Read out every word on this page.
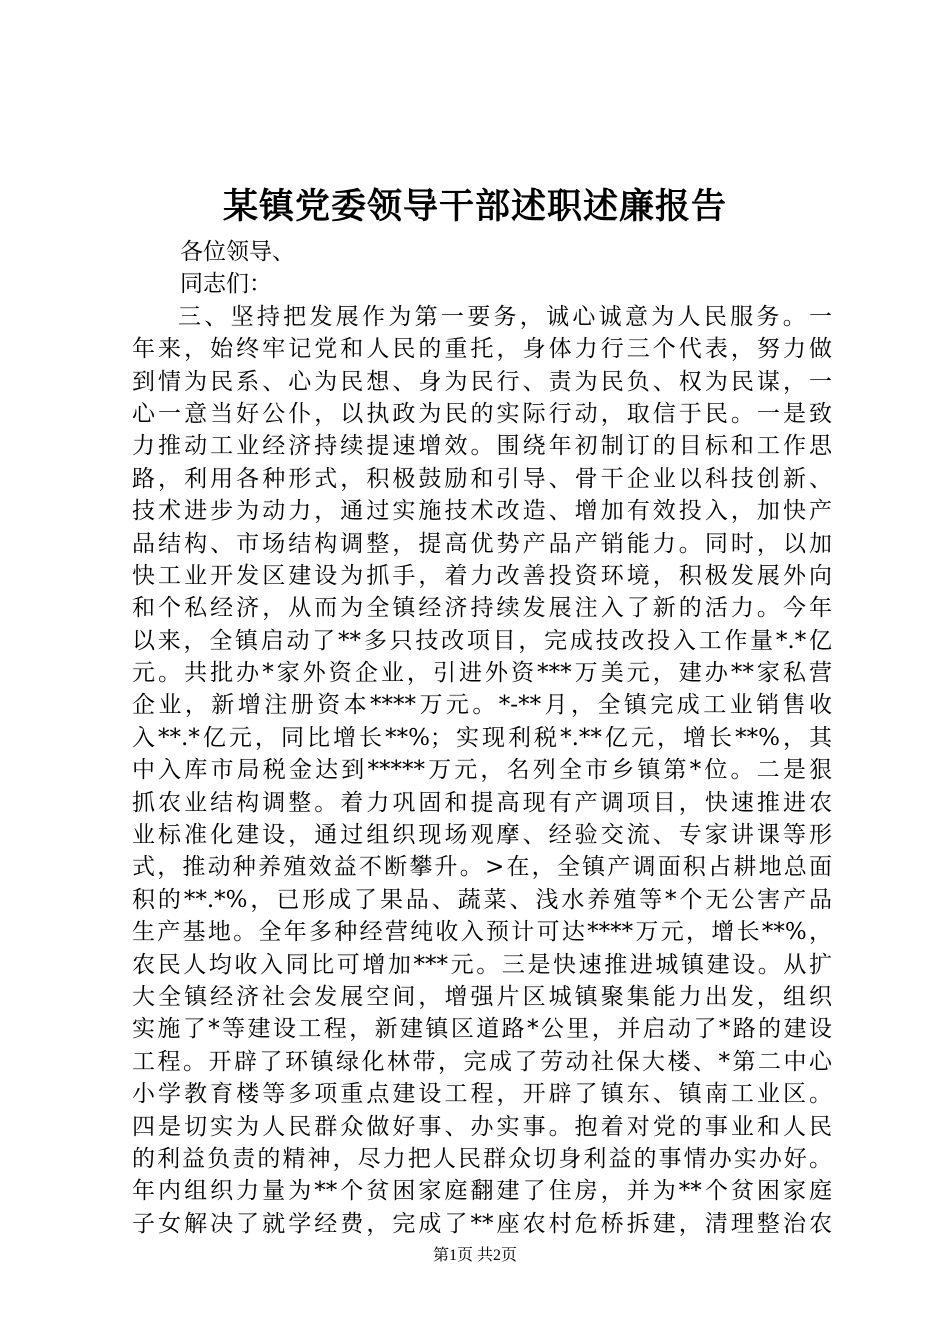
某镇党委领导干部述职述廉报告
各位领导、
同志们：
三、坚持把发展作为第一要务，诚心诚意为人民服务。一
年来，始终牢记党和人民的重托，身体力行三个代表，努力做
到情为民系、心为民想、身为民行、责为民负、权为民谋，一
心一意当好公仆，以执政为民的实际行动，取信于民。一是致
力推动工业经济持续提速增效。围绕年初制订的目标和工作思
路，利用各种形式，积极鼓励和引导、骨干企业以科技创新、
技术进步为动力，通过实施技术改造、增加有效投入，加快产
品结构、市场结构调整，提高优势产品产销能力。同时，以加
快工业开发区建设为抓手，着力改善投资环境，积极发展外向
和个私经济，从而为全镇经济持续发展注入了新的活力。今年
以来，全镇启动了**多只技改项目，完成技改投入工作量*.*亿
元。共批办*家外资企业，引进外资***万美元，建办**家私营
企业，新增注册资本****万元。*-**月，全镇完成工业销售收
入**.*亿元，同比增长**%；实现利税*.**亿元，增长**%，其
中入库市局税金达到*****万元，名列全市乡镇第*位。二是狠
抓农业结构调整。着力巩固和提高现有产调项目，快速推进农
业标准化建设，通过组织现场观摩、经验交流、专家讲课等形
式，推动种养殖效益不断攀升。>在，全镇产调面积占耕地总面
积的**.*%，已形成了果品、蔬菜、浅水养殖等*个无公害产品
生产基地。全年多种经营纯收入预计可达****万元，增长**%，
农民人均收入同比可增加***元。三是快速推进城镇建设。从扩
大全镇经济社会发展空间，增强片区城镇聚集能力出发，组织
实施了*等建设工程，新建镇区道路*公里，并启动了*路的建设
工程。开辟了环镇绿化林带，完成了劳动社保大楼、*第二中心
小学教育楼等多项重点建设工程，开辟了镇东、镇南工业区。
四是切实为人民群众做好事、办实事。抱着对党的事业和人民
的利益负责的精神，尽力把人民群众切身利益的事情办实办好。
年内组织力量为**个贫困家庭翻建了住房，并为**个贫困家庭
子女解决了就学经费，完成了**座农村危桥拆建，清理整治农
第1页 共2页
